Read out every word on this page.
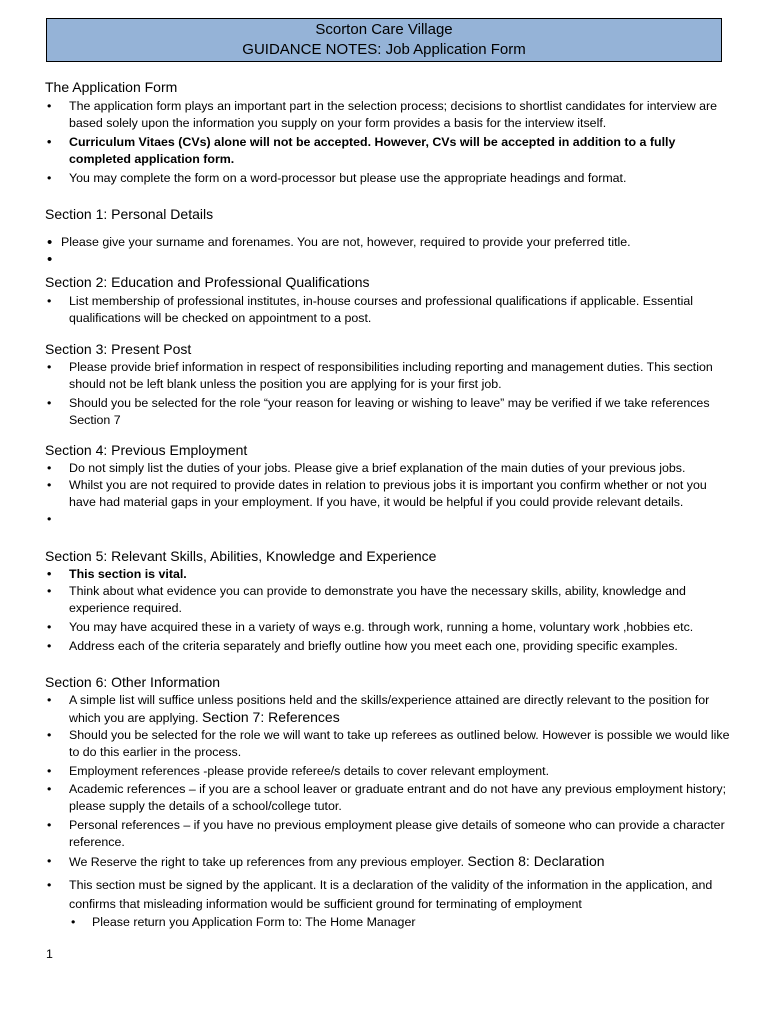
Scorton Care Village
GUIDANCE NOTES: Job Application Form

The Application Form

• The application form plays an important part in the selection process; decisions to shortlist candidates for interview are based solely upon the information you supply on your form provides a basis for the interview itself.
• Curriculum Vitaes (CVs) alone will not be accepted. However, CVs will be accepted in addition to a fully completed application form.
• You may complete the form on a word-processor but please use the appropriate headings and format.

Section 1: Personal Details

• Please give your surname and forenames. You are not, however, required to provide your preferred title.
•

Section 2: Education and Professional Qualifications

• List membership of professional institutes, in-house courses and professional qualifications if applicable. Essential qualifications will be checked on appointment to a post.

Section 3: Present Post

• Please provide brief information in respect of responsibilities including reporting and management duties. This section should not be left blank unless the position you are applying for is your first job.
• Should you be selected for the role “your reason for leaving or wishing to leave” may be verified if we take references Section 7

Section 4: Previous Employment

• Do not simply list the duties of your jobs. Please give a brief explanation of the main duties of your previous jobs.
• Whilst you are not required to provide dates in relation to previous jobs it is important you confirm whether or not you have had material gaps in your employment. If you have, it would be helpful if you could provide relevant details.
•

Section 5: Relevant Skills, Abilities, Knowledge and Experience

• This section is vital.
• Think about what evidence you can provide to demonstrate you have the necessary skills, ability, knowledge and experience required.
• You may have acquired these in a variety of ways e.g. through work, running a home, voluntary work ,hobbies etc.
• Address each of the criteria separately and briefly outline how you meet each one, providing specific examples.

Section 6: Other Information

• A simple list will suffice unless positions held and the skills/experience attained are directly relevant to the position for which you are applying. Section 7: References
• Should you be selected for the role we will want to take up referees as outlined below. However is possible we would like to do this earlier in the process.
• Employment references -please provide referee/s details to cover relevant employment.
• Academic references – if you are a school leaver or graduate entrant and do not have any previous employment history; please supply the details of a school/college tutor.
• Personal references – if you have no previous employment please give details of someone who can provide a character reference.
• We Reserve the right to take up references from any previous employer. Section 8: Declaration
• This section must be signed by the applicant. It is a declaration of the validity of the information in the application, and confirms that misleading information would be sufficient ground for terminating of employment
• Please return you Application Form to: The Home Manager
1
